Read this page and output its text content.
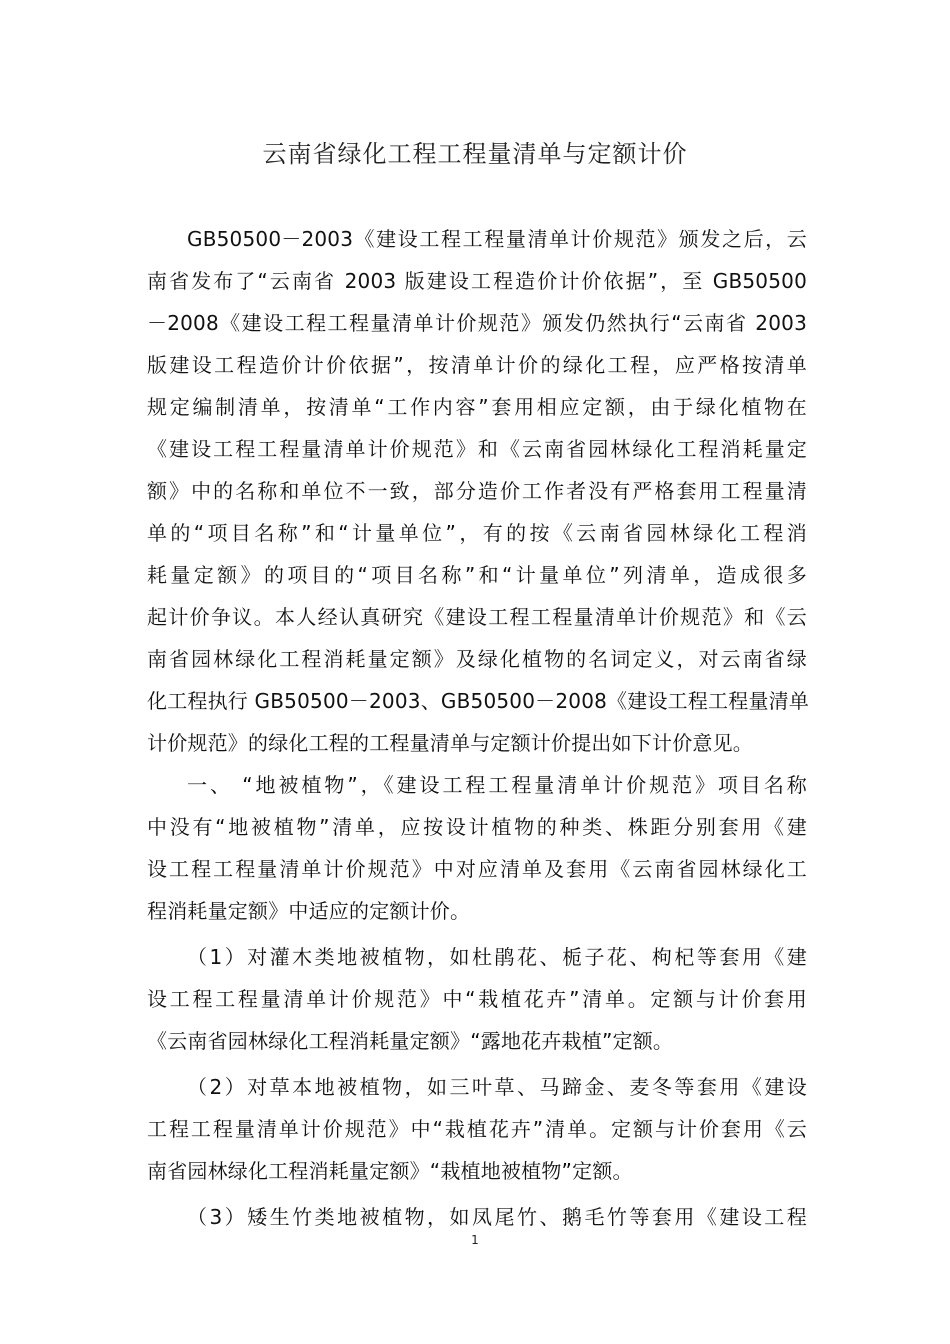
云南省绿化工程工程量清单与定额计价
GB50500－2003《建设工程工程量清单计价规范》颁发之后，云
南省发布了“云南省 2003 版建设工程造价计价依据”，至 GB50500
－2008《建设工程工程量清单计价规范》颁发仍然执行“云南省 2003
版建设工程造价计价依据”，按清单计价的绿化工程，应严格按清单
规定编制清单，按清单“工作内容”套用相应定额，由于绿化植物在
《建设工程工程量清单计价规范》和《云南省园林绿化工程消耗量定
额》中的名称和单位不一致，部分造价工作者没有严格套用工程量清
单的“项目名称”和“计量单位”，有的按《云南省园林绿化工程消
耗量定额》的项目的“项目名称”和“计量单位”列清单，造成很多
起计价争议。本人经认真研究《建设工程工程量清单计价规范》和《云
南省园林绿化工程消耗量定额》及绿化植物的名词定义，对云南省绿
化工程执行 GB50500－2003、GB50500－2008《建设工程工程量清单
计价规范》的绿化工程的工程量清单与定额计价提出如下计价意见。
一、 “地被植物”，《建设工程工程量清单计价规范》项目名称
中没有“地被植物”清单，应按设计植物的种类、株距分别套用《建
设工程工程量清单计价规范》中对应清单及套用《云南省园林绿化工
程消耗量定额》中适应的定额计价。
（1）对灌木类地被植物，如杜鹃花、栀子花、枸杞等套用《建
设工程工程量清单计价规范》中“栽植花卉”清单。定额与计价套用
《云南省园林绿化工程消耗量定额》“露地花卉栽植”定额。
（2）对草本地被植物，如三叶草、马蹄金、麦冬等套用《建设
工程工程量清单计价规范》中“栽植花卉”清单。定额与计价套用《云
南省园林绿化工程消耗量定额》“栽植地被植物”定额。
（3）矮生竹类地被植物，如凤尾竹、鹅毛竹等套用《建设工程
1
